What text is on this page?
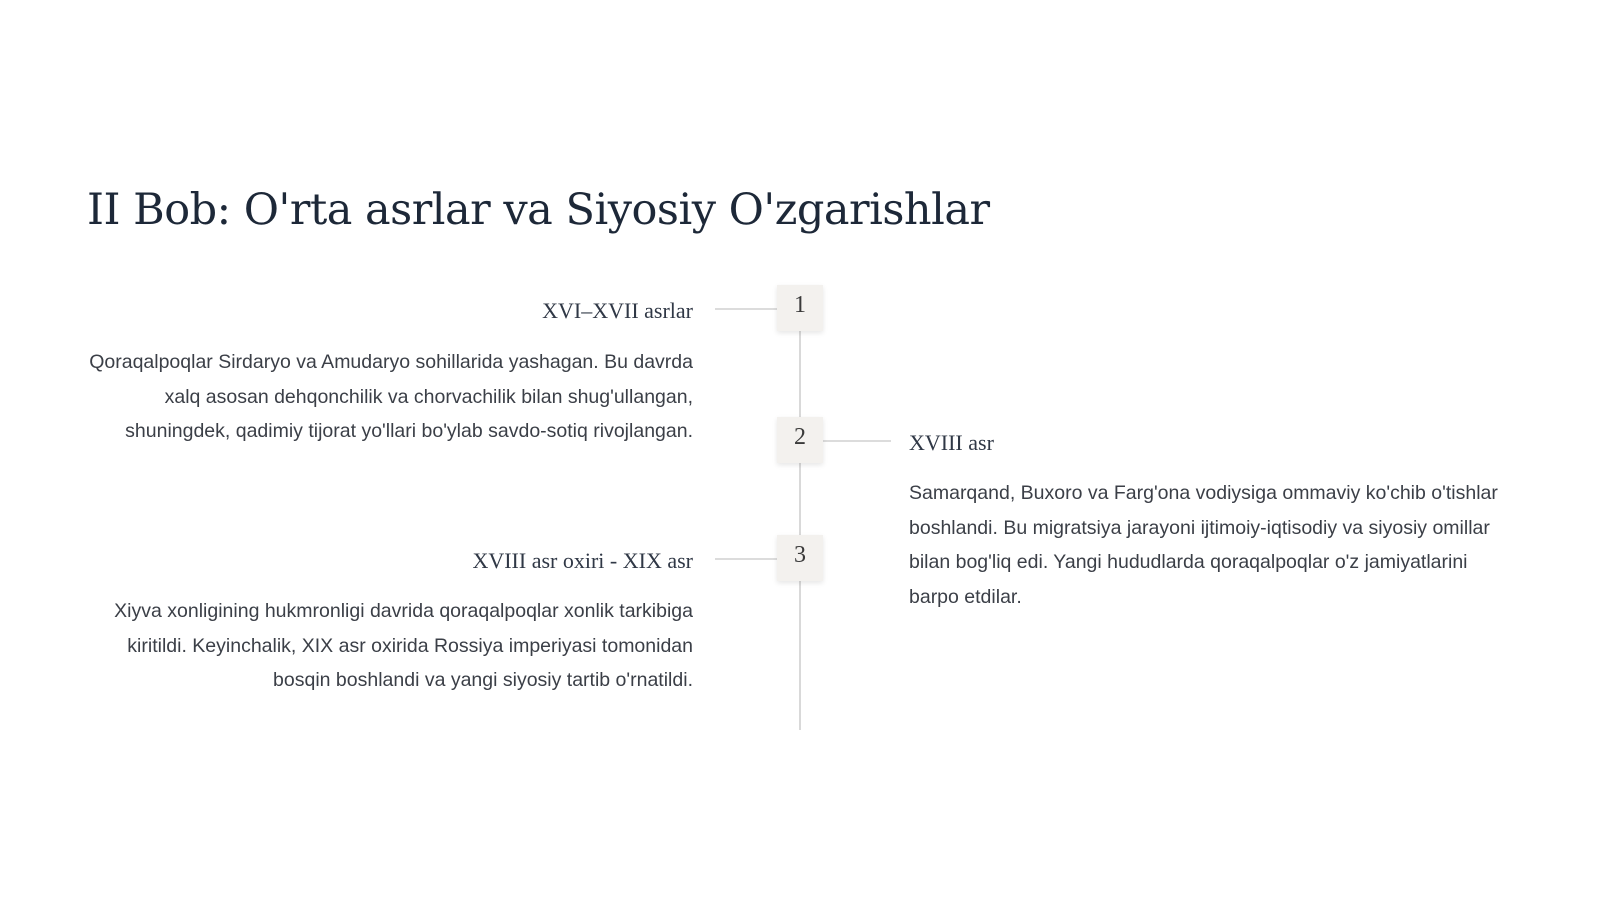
II Bob: O'rta asrlar va Siyosiy O'zgarishlar
1
XVI–XVII asrlar

Qoraqalpoqlar Sirdaryo va Amudaryo sohillarida yashagan. Bu davrda xalq asosan dehqonchilik va chorvachilik bilan shug'ullangan, shuningdek, qadimiy tijorat yo'llari bo'ylab savdo-sotiq rivojlangan.	2	XVIII asr

Samarqand, Buxoro va Farg'ona vodiysiga ommaviy ko'chib o'tishlar boshlandi. Bu migratsiya jarayoni ijtimoiy-iqtisodiy va siyosiy omillar bilan bog'liq edi. Yangi hududlarda qoraqalpoqlar o'z jamiyatlarini barpo etdilar.

3
XVIII asr oxiri - XIX asr

Xiyva xonligining hukmronligi davrida qoraqalpoqlar xonlik tarkibiga kiritildi. Keyinchalik, XIX asr oxirida Rossiya imperiyasi tomonidan bosqin boshlandi va yangi siyosiy tartib o'rnatildi.
